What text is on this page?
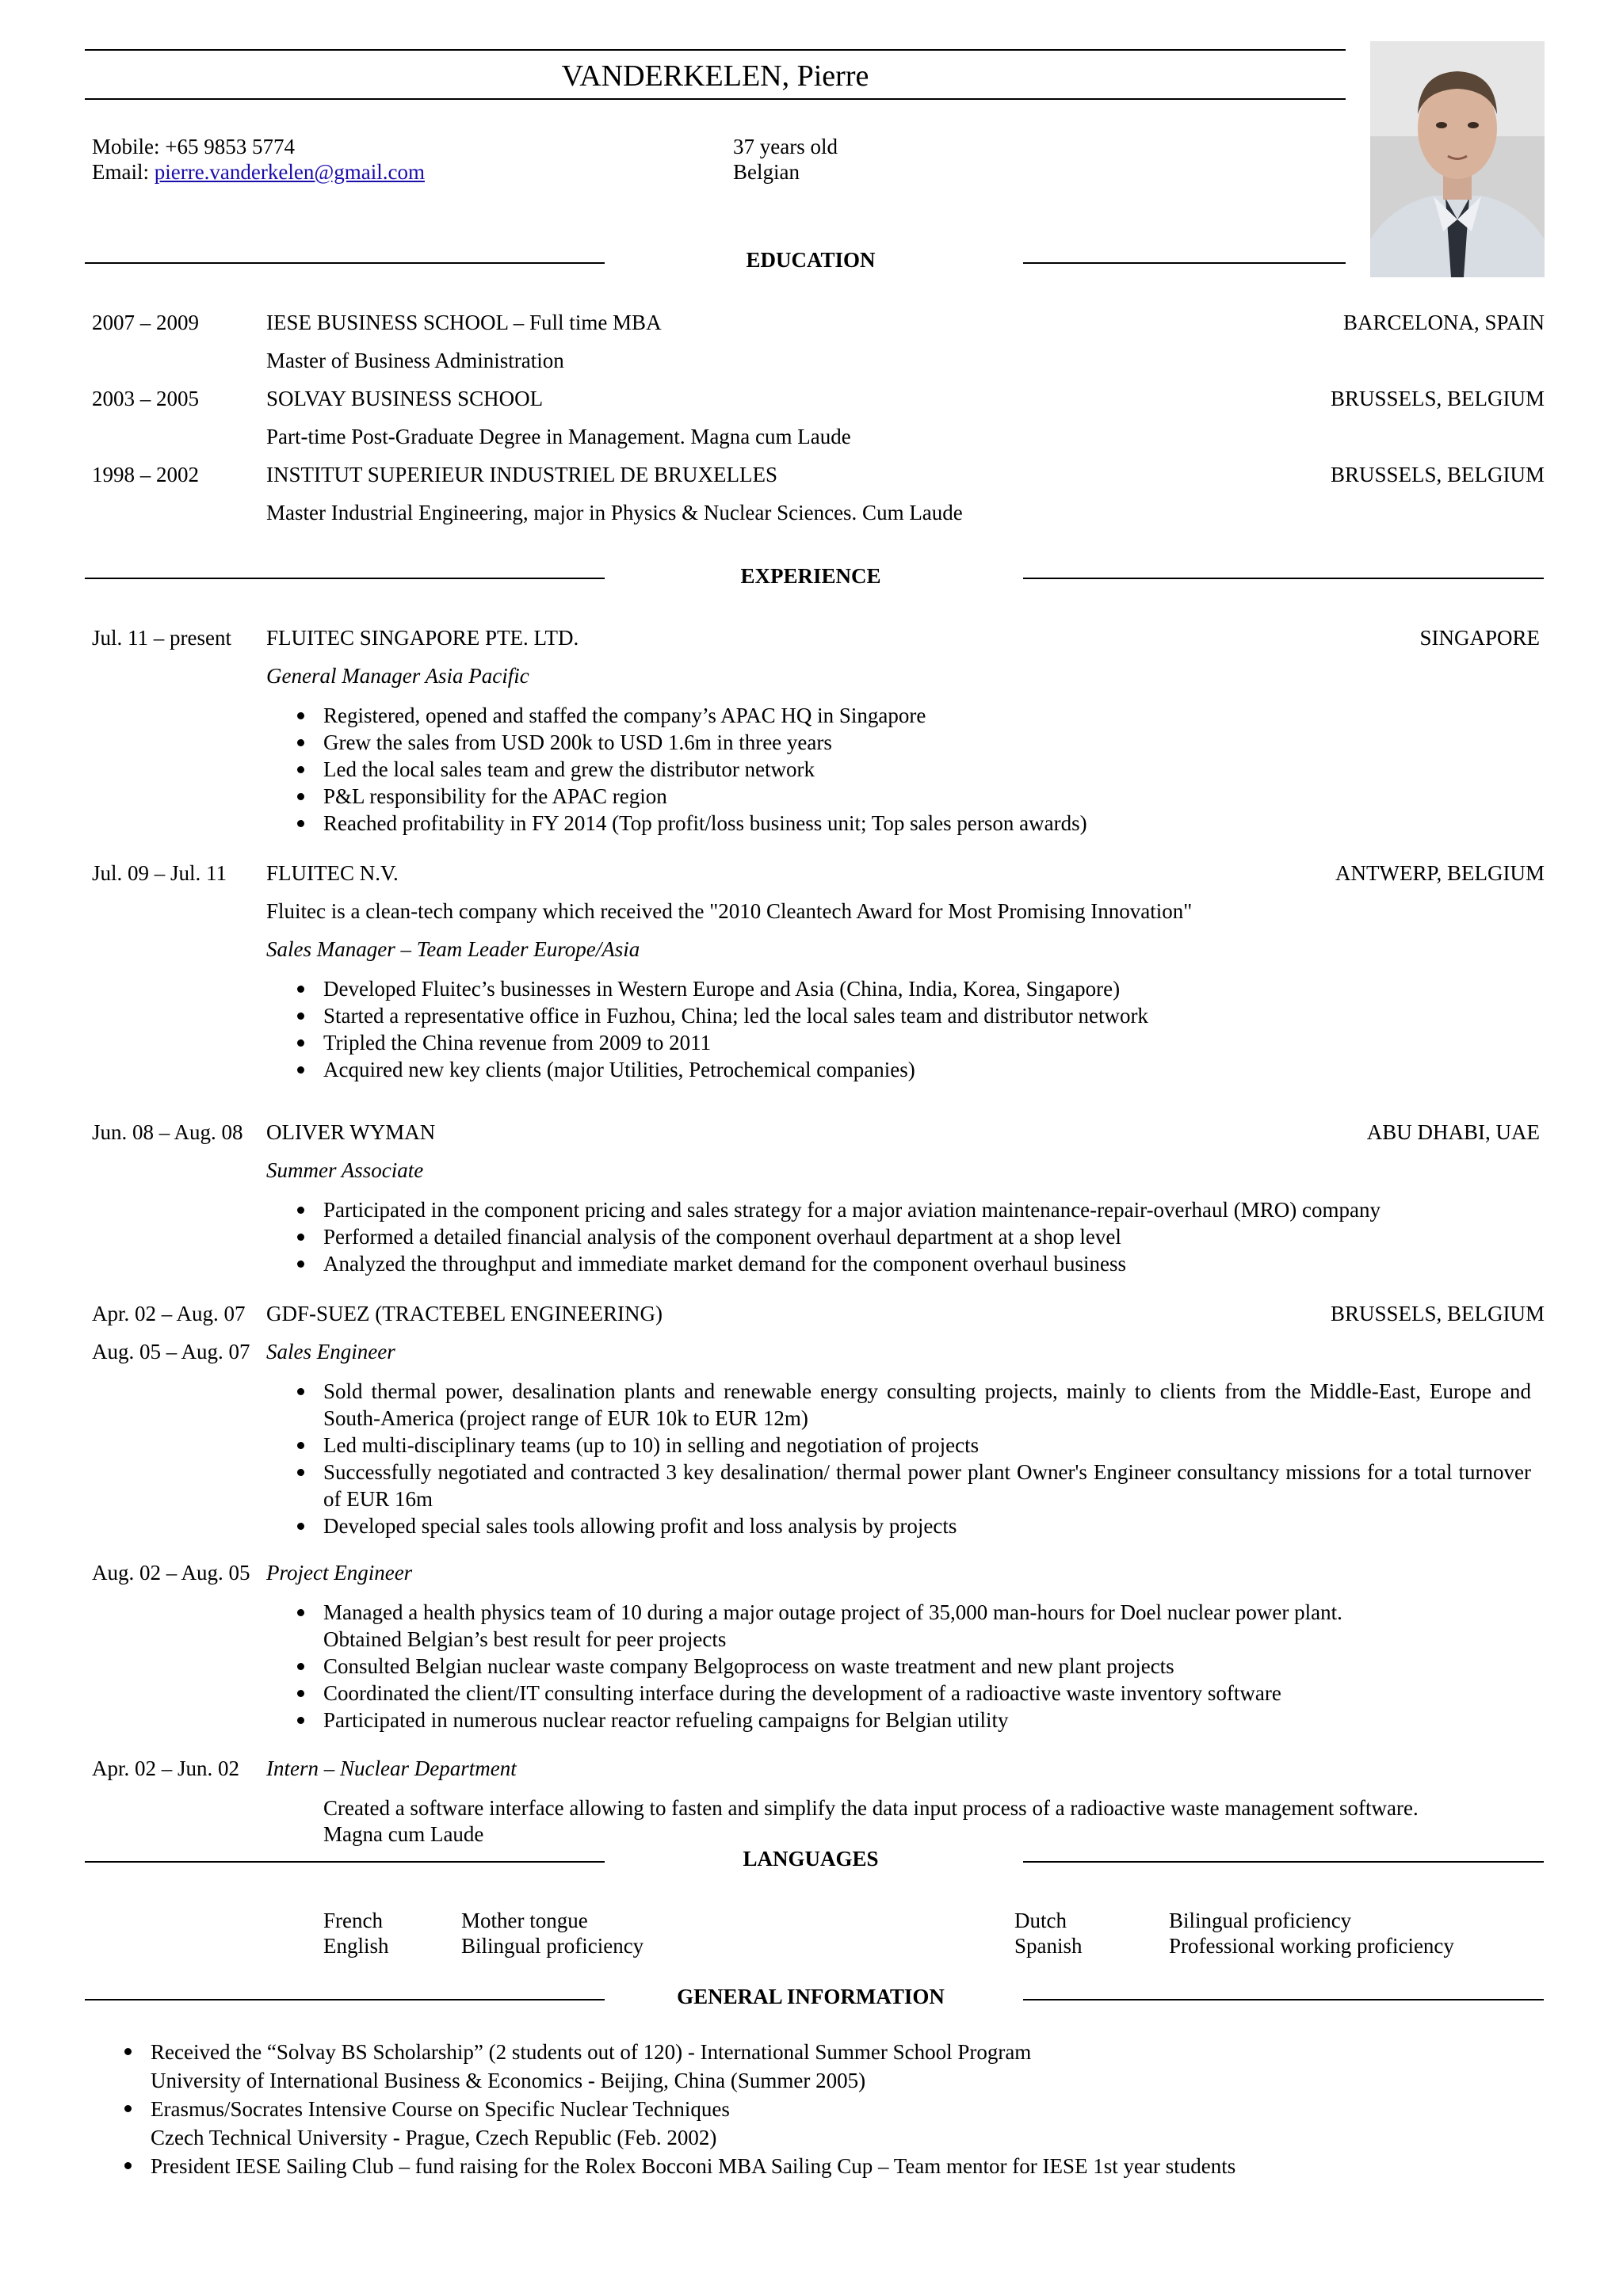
VANDERKELEN, Pierre
Mobile: +65 9853 5774
Email: pierre.vanderkelen@gmail.com
37 years old
Belgian
EDUCATION
2007 – 2009	IESE BUSINESS SCHOOL – Full time MBA	BARCELONA, SPAIN
Master of Business Administration
2003 – 2005	SOLVAY BUSINESS SCHOOL	BRUSSELS, BELGIUM
Part-time Post-Graduate Degree in Management. Magna cum Laude
1998 – 2002	INSTITUT SUPERIEUR INDUSTRIEL DE BRUXELLES	BRUSSELS, BELGIUM
Master Industrial Engineering, major in Physics & Nuclear Sciences. Cum Laude
EXPERIENCE
Jul. 11 – present FLUITEC SINGAPORE PTE. LTD.	SINGAPORE
General Manager Asia Pacific
Registered, opened and staffed the company’s APAC HQ in Singapore
Grew the sales from USD 200k to USD 1.6m in three years
Led the local sales team and grew the distributor network
P&L responsibility for the APAC region
Reached profitability in FY 2014 (Top profit/loss business unit; Top sales person awards)
Jul. 09 – Jul. 11 FLUITEC N.V.	ANTWERP, BELGIUM
Fluitec is a clean-tech company which received the "2010 Cleantech Award for Most Promising Innovation"
Sales Manager – Team Leader Europe/Asia
Developed Fluitec’s businesses in Western Europe and Asia (China, India, Korea, Singapore)
Started a representative office in Fuzhou, China; led the local sales team and distributor network
Tripled the China revenue from 2009 to 2011
Acquired new key clients (major Utilities, Petrochemical companies)
Jun. 08 – Aug. 08 OLIVER WYMAN	ABU DHABI, UAE
Summer Associate
Participated in the component pricing and sales strategy for a major aviation maintenance-repair-overhaul (MRO) company
Performed a detailed financial analysis of the component overhaul department at a shop level
Analyzed the throughput and immediate market demand for the component overhaul business
Apr. 02 – Aug. 07 GDF-SUEZ (TRACTEBEL ENGINEERING)	BRUSSELS, BELGIUM
Aug. 05 – Aug. 07 Sales Engineer
Sold thermal power, desalination plants and renewable energy consulting projects, mainly to clients from the Middle-East, Europe and South-America (project range of EUR 10k to EUR 12m)
Led multi-disciplinary teams (up to 10) in selling and negotiation of projects
Successfully negotiated and contracted 3 key desalination/ thermal power plant Owner's Engineer consultancy missions for a total turnover of EUR 16m
Developed special sales tools allowing profit and loss analysis by projects
Aug. 02 – Aug. 05 Project Engineer
Managed a health physics team of 10 during a major outage project of 35,000 man-hours for Doel nuclear power plant.
Obtained Belgian’s best result for peer projects
Consulted Belgian nuclear waste company Belgoprocess on waste treatment and new plant projects
Coordinated the client/IT consulting interface during the development of a radioactive waste inventory software
Participated in numerous nuclear reactor refueling campaigns for Belgian utility
Apr. 02 – Jun. 02 Intern – Nuclear Department
Created a software interface allowing to fasten and simplify the data input process of a radioactive waste management software.
Magna cum Laude
LANGUAGES
French	Mother tongue
English	Bilingual proficiency
Dutch	Bilingual proficiency
Spanish	Professional working proficiency
GENERAL INFORMATION
Received the “Solvay BS Scholarship” (2 students out of 120) - International Summer School Program
University of International Business & Economics - Beijing, China (Summer 2005)
Erasmus/Socrates Intensive Course on Specific Nuclear Techniques
Czech Technical University - Prague, Czech Republic (Feb. 2002)
President IESE Sailing Club – fund raising for the Rolex Bocconi MBA Sailing Cup – Team mentor for IESE 1st year students
